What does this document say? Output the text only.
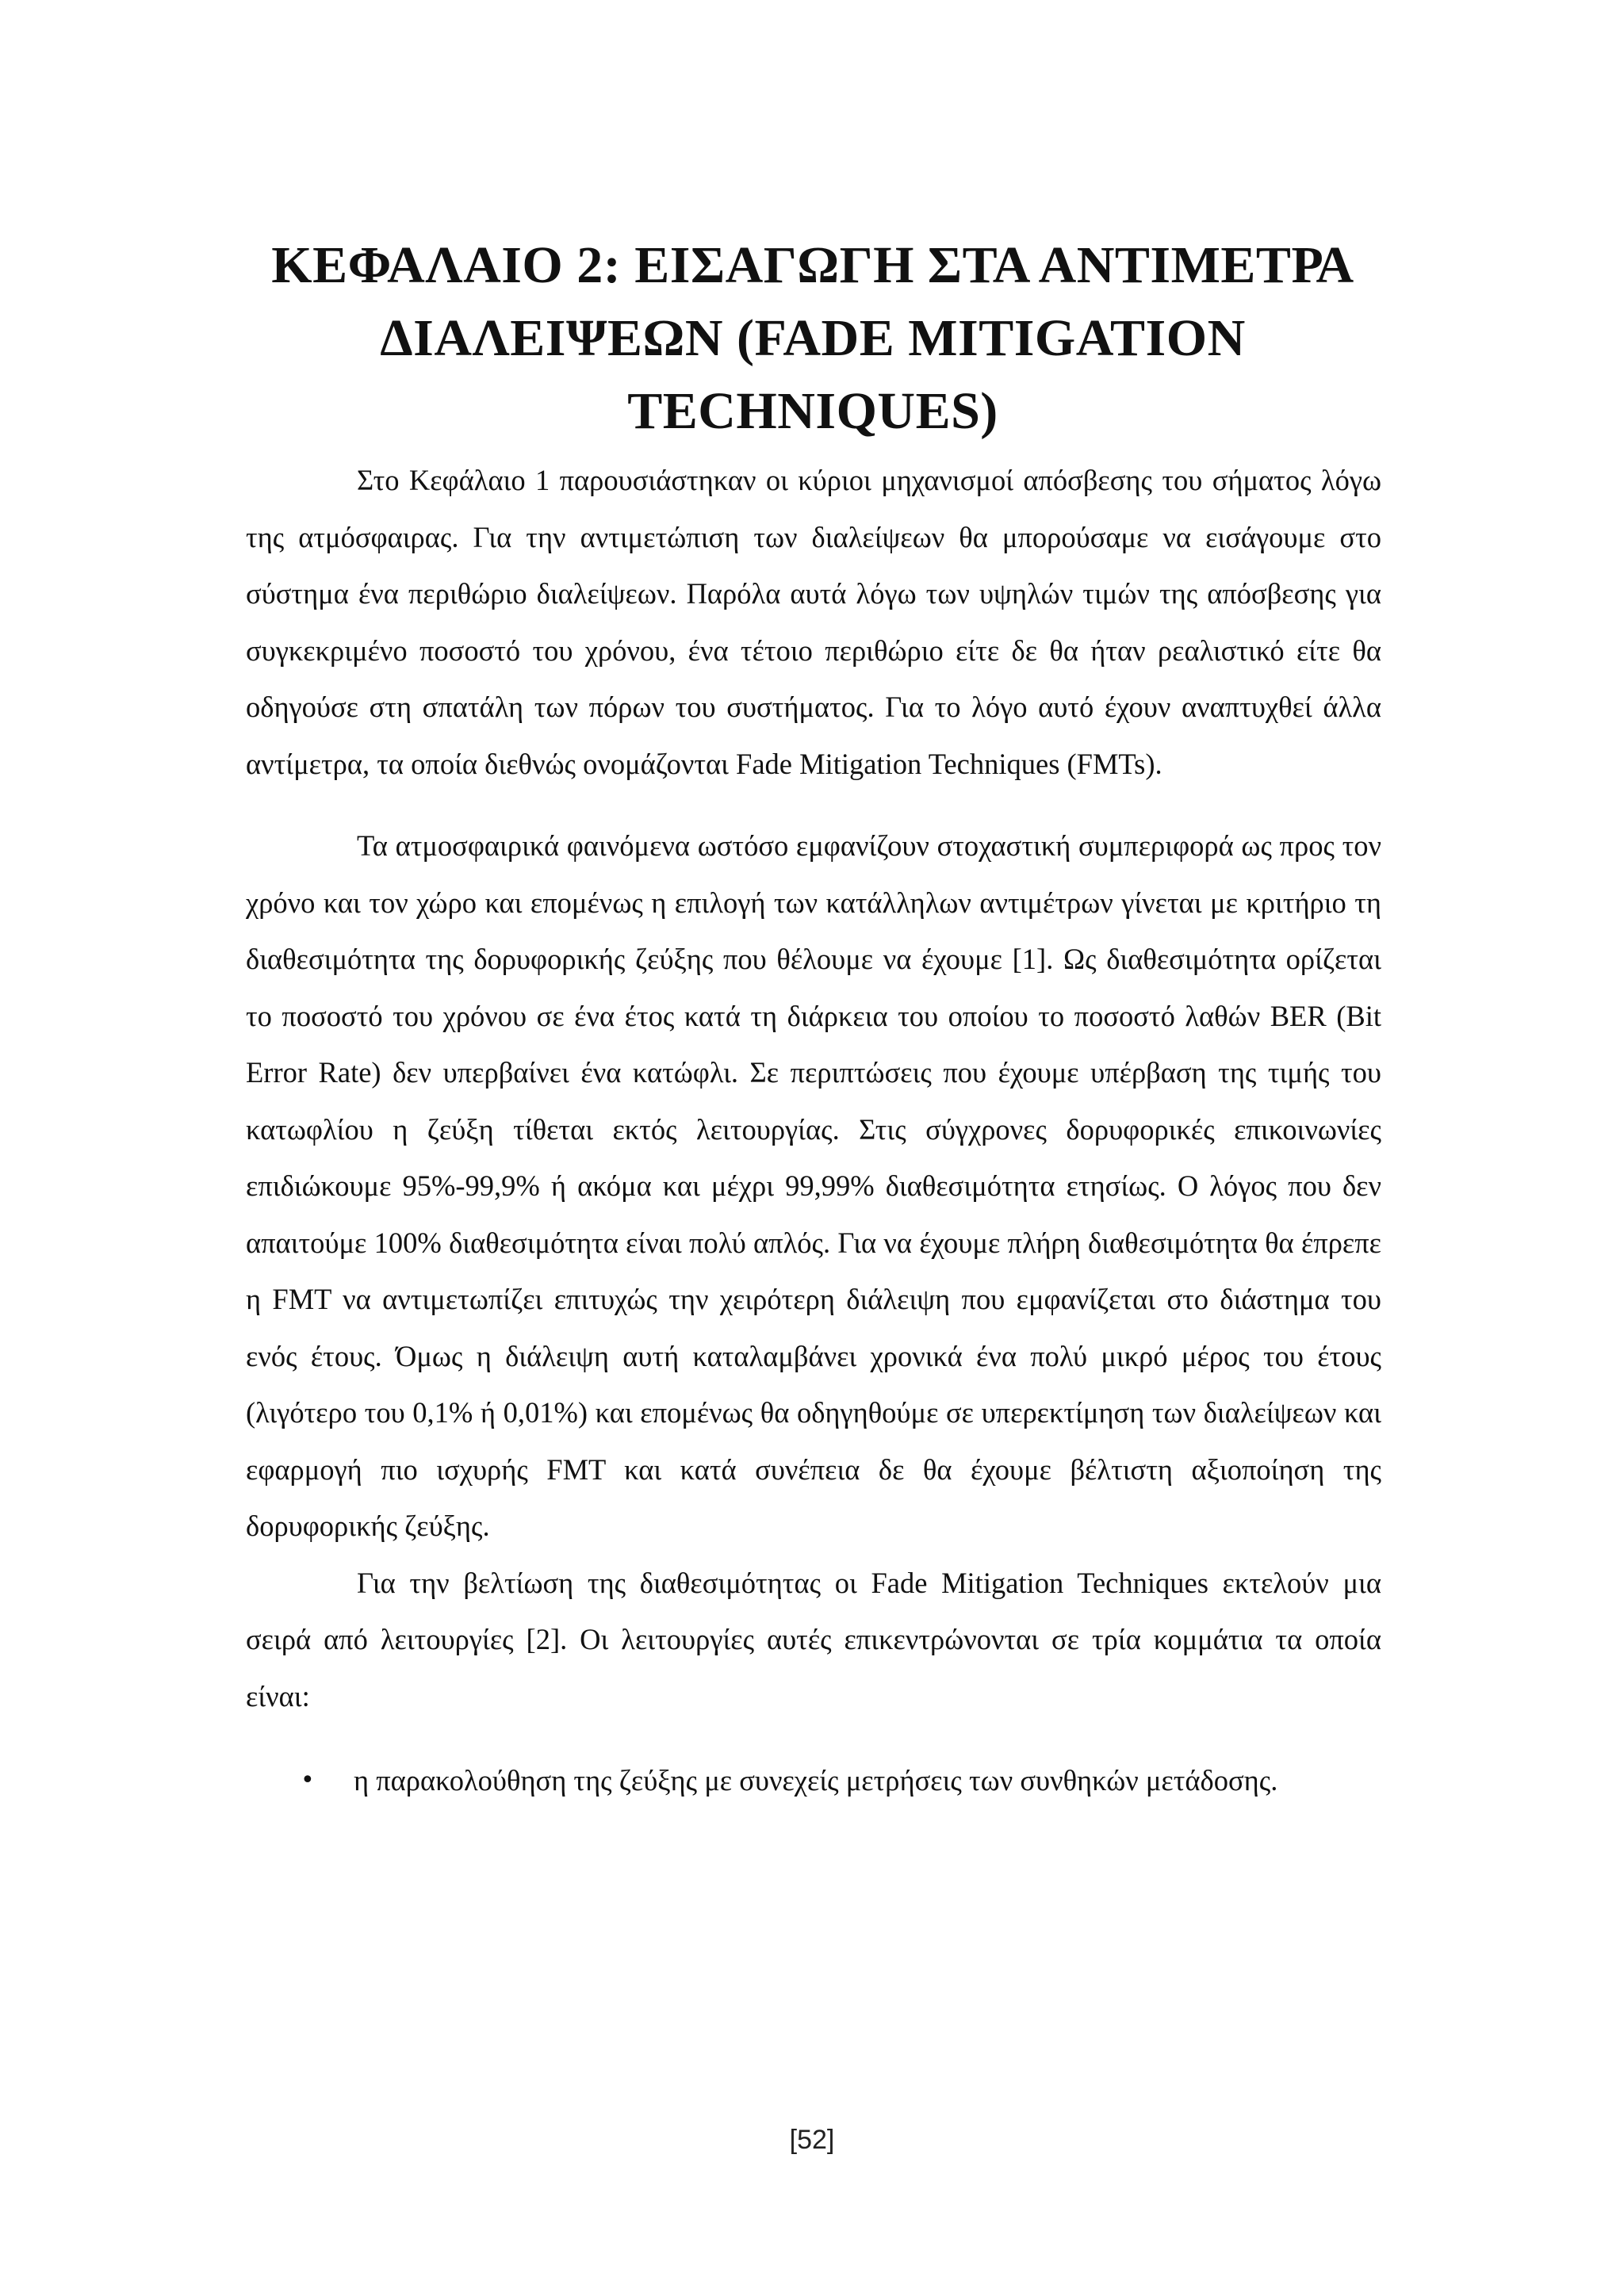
ΚΕΦΑΛΑΙΟ 2: ΕΙΣΑΓΩΓΗ ΣΤΑ ΑΝΤΙΜΕΤΡΑ
ΔΙΑΛΕΙΨΕΩΝ (FADE MITIGATION
TECHNIQUES)

Στο Κεφάλαιο 1 παρουσιάστηκαν οι κύριοι μηχανισμοί απόσβεσης του σήματος λόγω της ατμόσφαιρας. Για την αντιμετώπιση των διαλείψεων θα μπορούσαμε να εισάγουμε στο σύστημα ένα περιθώριο διαλείψεων. Παρόλα αυτά λόγω των υψηλών τιμών της απόσβεσης για συγκεκριμένο ποσοστό του χρόνου, ένα τέτοιο περιθώριο είτε δε θα ήταν ρεαλιστικό είτε θα οδηγούσε στη σπατάλη των πόρων του συστήματος. Για το λόγο αυτό έχουν αναπτυχθεί άλλα αντίμετρα, τα οποία διεθνώς ονομάζονται Fade Mitigation Techniques (FMTs).

Τα ατμοσφαιρικά φαινόμενα ωστόσο εμφανίζουν στοχαστική συμπεριφορά ως προς τον χρόνο και τον χώρο και επομένως η επιλογή των κατάλληλων αντιμέτρων γίνεται με κριτήριο τη διαθεσιμότητα της δορυφορικής ζεύξης που θέλουμε να έχουμε [1]. Ως διαθεσιμότητα ορίζεται το ποσοστό του χρόνου σε ένα έτος κατά τη διάρκεια του οποίου το ποσοστό λαθών BER (Bit Error Rate) δεν υπερβαίνει ένα κατώφλι. Σε περιπτώσεις που έχουμε υπέρβαση της τιμής του κατωφλίου η ζεύξη τίθεται εκτός λειτουργίας. Στις σύγχρονες δορυφορικές επικοινωνίες επιδιώκουμε 95%-99,9% ή ακόμα και μέχρι 99,99% διαθεσιμότητα ετησίως. Ο λόγος που δεν απαιτούμε 100% διαθεσιμότητα είναι πολύ απλός. Για να έχουμε πλήρη διαθεσιμότητα θα έπρεπε η FMT να αντιμετωπίζει επιτυχώς την χειρότερη διάλειψη που εμφανίζεται στο διάστημα του ενός έτους. Όμως η διάλειψη αυτή καταλαμβάνει χρονικά ένα πολύ μικρό μέρος του έτους (λιγότερο του 0,1% ή 0,01%) και επομένως θα οδηγηθούμε σε υπερεκτίμηση των διαλείψεων και εφαρμογή πιο ισχυρής FMT και κατά συνέπεια δε θα έχουμε βέλτιστη αξιοποίηση της δορυφορικής ζεύξης.

Για την βελτίωση της διαθεσιμότητας οι Fade Mitigation Techniques εκτελούν μια σειρά από λειτουργίες [2]. Οι λειτουργίες αυτές επικεντρώνονται σε τρία κομμάτια τα οποία είναι:

• η παρακολούθηση της ζεύξης με συνεχείς μετρήσεις των συνθηκών μετάδοσης.
[52]
